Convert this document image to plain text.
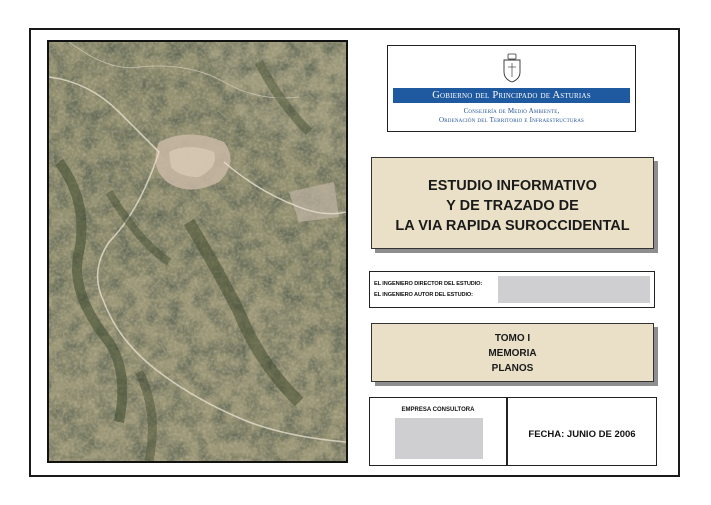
Gobierno del Principado de Asturias
Consejería de Medio Ambiente,
Ordenación del Territorio e Infraestructuras
ESTUDIO INFORMATIVO
Y DE TRAZADO DE
LA VIA RAPIDA SUROCCIDENTAL
EL INGENIERO DIRECTOR DEL ESTUDIO:
EL INGENIERO AUTOR DEL ESTUDIO:
TOMO I
MEMORIA
PLANOS
EMPRESA CONSULTORA
FECHA: JUNIO DE 2006
